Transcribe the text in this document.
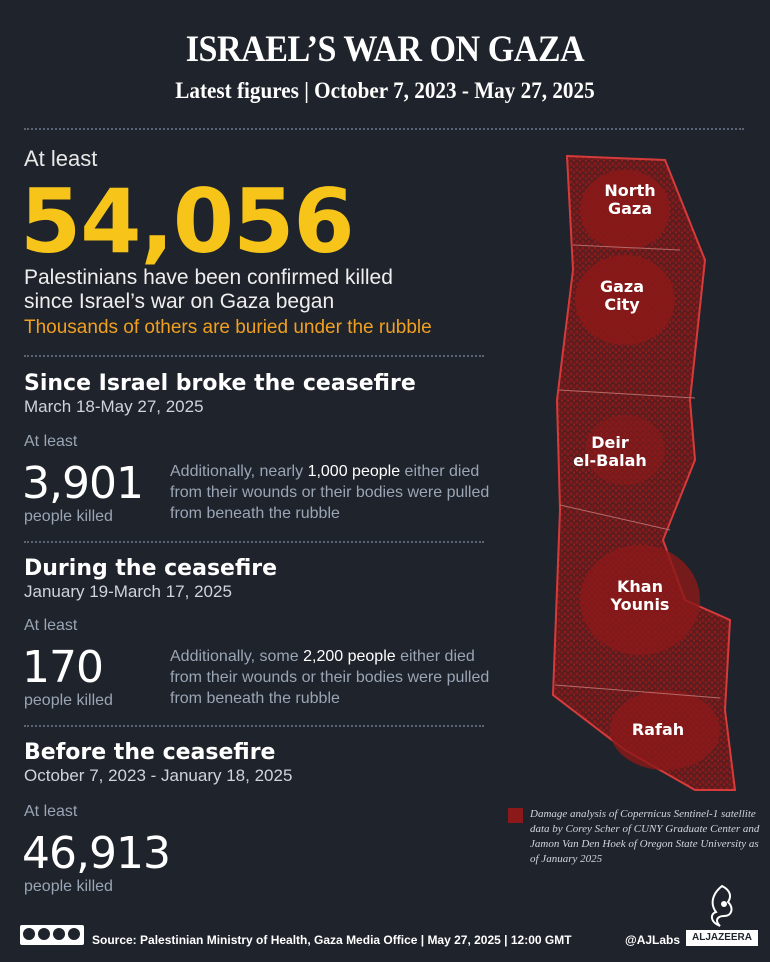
ISRAEL’S WAR ON GAZA
Latest figures | October 7, 2023 - May 27, 2025
At least
54,056
Palestinians have been confirmed killed
since Israel’s war on Gaza began
Thousands of others are buried under the rubble
Since Israel broke the ceasefire
March 18-May 27, 2025
At least
3,901
people killed
Additionally, nearly 1,000 people either died from their wounds or their bodies were pulled from beneath the rubble
During the ceasefire
January 19-March 17, 2025
At least
170
people killed
Additionally, some 2,200 people either died from their wounds or their bodies were pulled from beneath the rubble
Before the ceasefire
October 7, 2023 - January 18, 2025
At least
46,913
people killed
North
Gaza
Gaza
City
Deir
el-Balah
Khan
Younis
Rafah
Damage analysis of Copernicus Sentinel-1 satellite data by Corey Scher of CUNY Graduate Center and Jamon Van Den Hoek of Oregon State University as of January 2025
Source: Palestinian Ministry of Health, Gaza Media Office | May 27, 2025 | 12:00 GMT	@AJLabs	ALJAZEERA
